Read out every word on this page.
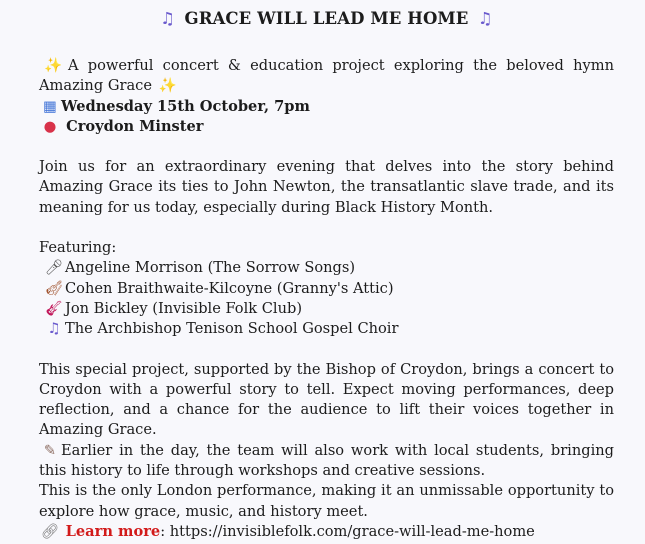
♫ GRACE WILL LEAD ME HOME ♫

✨ A powerful concert & education project exploring the beloved hymn Amazing Grace ✨

▦ Wednesday 15th October, 7pm

● Croydon Minster

Join us for an extraordinary evening that delves into the story behind Amazing Grace its ties to John Newton, the transatlantic slave trade, and its meaning for us today, especially during Black History Month.

Featuring:

🎤︎ Angeline Morrison (The Sorrow Songs)

🎻︎ Cohen Braithwaite-Kilcoyne (Granny's Attic)

🎸︎ Jon Bickley (Invisible Folk Club)

♫ The Archbishop Tenison School Gospel Choir

This special project, supported by the Bishop of Croydon, brings a concert to Croydon with a powerful story to tell. Expect moving performances, deep reflection, and a chance for the audience to lift their voices together in Amazing Grace.

✎ Earlier in the day, the team will also work with local students, bringing this history to life through workshops and creative sessions.

This is the only London performance, making it an unmissable opportunity to explore how grace, music, and history meet.

🔗︎ Learn more: https://invisiblefolk.com/grace-will-lead-me-home
